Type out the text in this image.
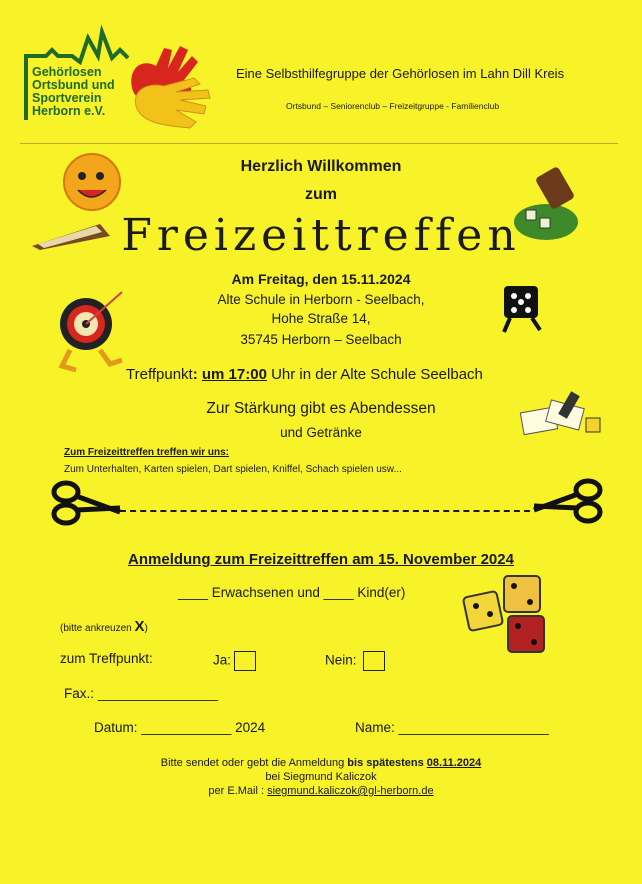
Gehörlosen
Ortsbund und
Sportverein
Herborn e.V.
Eine Selbsthilfegruppe der Gehörlosen im Lahn Dill Kreis
Ortsbund – Seniorenclub – Freizeitgruppe - Familienclub
Herzlich Willkommen
zum
Freizeittreffen
Am Freitag, den 15.11.2024
Alte Schule in Herborn - Seelbach,
Hohe Straße 14,
35745 Herborn – Seelbach
Treffpunkt: um 17:00 Uhr in der Alte Schule Seelbach
Zur Stärkung gibt es Abendessen
und Getränke
Zum Freizeittreffen treffen wir uns:
Zum Unterhalten, Karten spielen, Dart spielen, Kniffel, Schach spielen usw...
Anmeldung zum Freizeittreffen am 15. November 2024
____ Erwachsenen und ____ Kind(er)
(bitte ankreuzen X)
zum Treffpunkt:	Ja:	Nein:
Fax.: ________________
Datum: ____________ 2024	Name: ____________________
Bitte sendet oder gebt die Anmeldung bis spätestens 08.11.2024
bei Siegmund Kaliczok
per E.Mail : siegmund.kaliczok@gl-herborn.de
